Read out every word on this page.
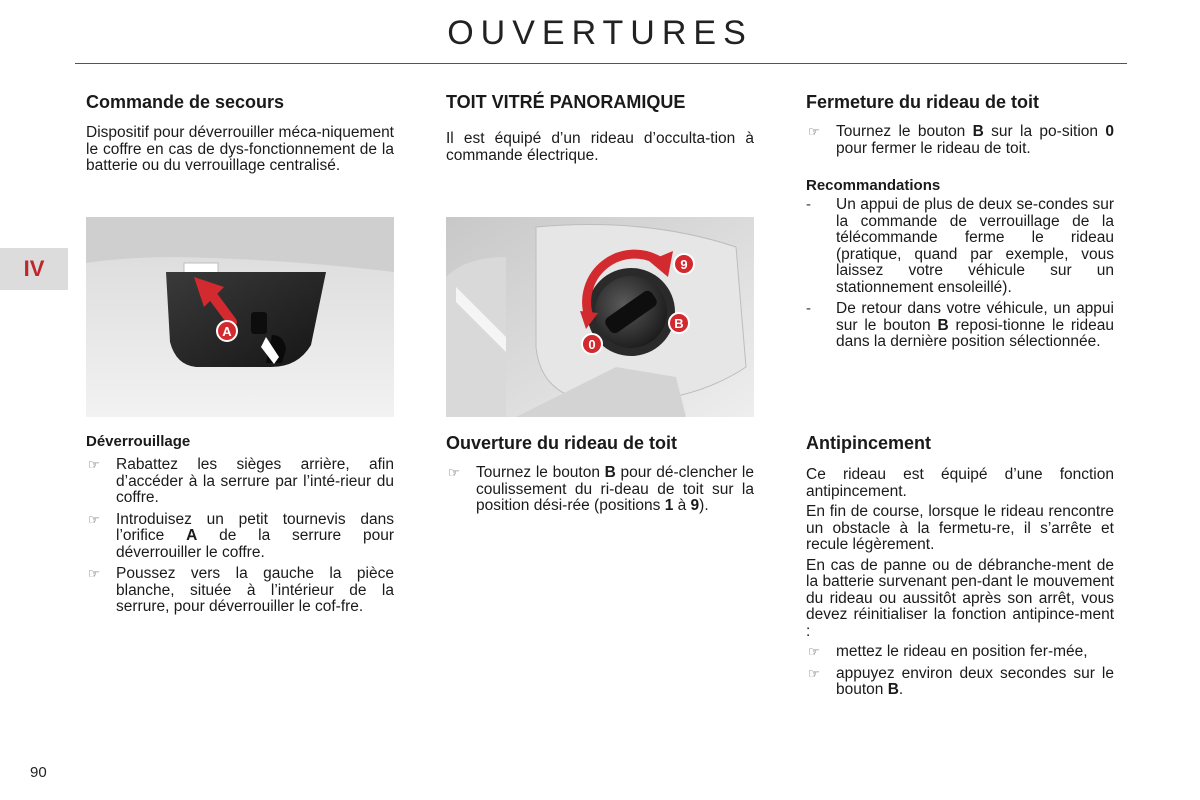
OUVERTURES
IV
90
Commande de secours

Dispositif pour déverrouiller méca-niquement le coffre en cas de dys-fonctionnement de la batterie ou du verrouillage centralisé.

A
Déverrouillage
☞ Rabattez les sièges arrière, afin d’accéder à la serrure par l’inté-rieur du coffre.
☞ Introduisez un petit tournevis dans l’orifice A de la serrure pour déverrouiller le coffre.
☞ Poussez vers la gauche la pièce blanche, située à l’intérieur de la serrure, pour déverrouiller le cof-fre.
TOIT VITRÉ PANORAMIQUE

Il est équipé d’un rideau d’occulta-tion à commande électrique.

9
B
0
Ouverture du rideau de toit
☞ Tournez le bouton B pour dé-clencher le coulissement du ri-deau de toit sur la position dési-rée (positions 1 à 9).
Fermeture du rideau de toit
☞ Tournez le bouton B sur la po-sition 0 pour fermer le rideau de toit.
Recommandations
- Un appui de plus de deux se-condes sur la commande de verrouillage de la télécommande ferme le rideau (pratique, quand par exemple, vous laissez votre véhicule sur un stationnement ensoleillé).
- De retour dans votre véhicule, un appui sur le bouton B reposi-tionne le rideau dans la dernière position sélectionnée.
Antipincement

Ce rideau est équipé d’une fonction antipincement.

En fin de course, lorsque le rideau rencontre un obstacle à la fermetu-re, il s’arrête et recule légèrement.

En cas de panne ou de débranche-ment de la batterie survenant pen-dant le mouvement du rideau ou aussitôt après son arrêt, vous devez réinitialiser la fonction antipince-ment :

☞ mettez le rideau en position fer-mée,
☞ appuyez environ deux secondes sur le bouton B.
